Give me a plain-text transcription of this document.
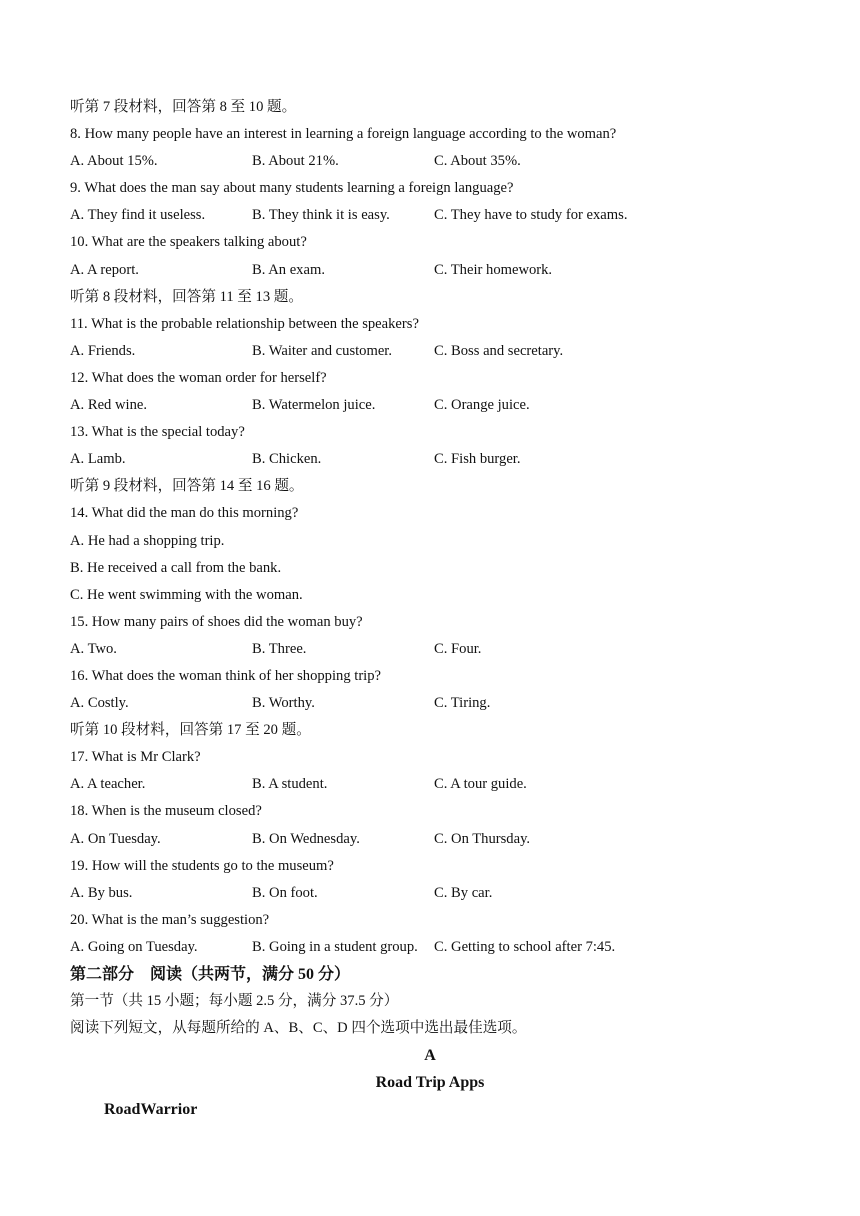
听第 7 段材料，回答第 8 至 10 题。
8. How many people have an interest in learning a foreign language according to the woman?
A. About 15%.	B. About 21%.	C. About 35%.
9. What does the man say about many students learning a foreign language?
A. They find it useless.	B. They think it is easy.	C. They have to study for exams.
10. What are the speakers talking about?
A. A report.	B. An exam.	C. Their homework.
听第 8 段材料，回答第 11 至 13 题。
11. What is the probable relationship between the speakers?
A. Friends.	B. Waiter and customer.	C. Boss and secretary.
12. What does the woman order for herself?
A. Red wine.	B. Watermelon juice.	C. Orange juice.
13. What is the special today?
A. Lamb.	B. Chicken.	C. Fish burger.
听第 9 段材料，回答第 14 至 16 题。
14. What did the man do this morning?
A. He had a shopping trip.
B. He received a call from the bank.
C. He went swimming with the woman.
15. How many pairs of shoes did the woman buy?
A. Two.	B. Three.	C. Four.
16. What does the woman think of her shopping trip?
A. Costly.	B. Worthy.	C. Tiring.
听第 10 段材料，回答第 17 至 20 题。
17. What is Mr Clark?
A. A teacher.	B. A student.	C. A tour guide.
18. When is the museum closed?
A. On Tuesday.	B. On Wednesday.	C. On Thursday.
19. How will the students go to the museum?
A. By bus.	B. On foot.	C. By car.
20. What is the man’s suggestion?
A. Going on Tuesday.	B. Going in a student group. C. Getting to school after 7:45.
第二部分　阅读（共两节，满分 50 分）
第一节（共 15 小题；每小题 2.5 分，满分 37.5 分）
阅读下列短文，从每题所给的 A、B、C、D 四个选项中选出最佳选项。
A
Road Trip Apps
RoadWarrior
